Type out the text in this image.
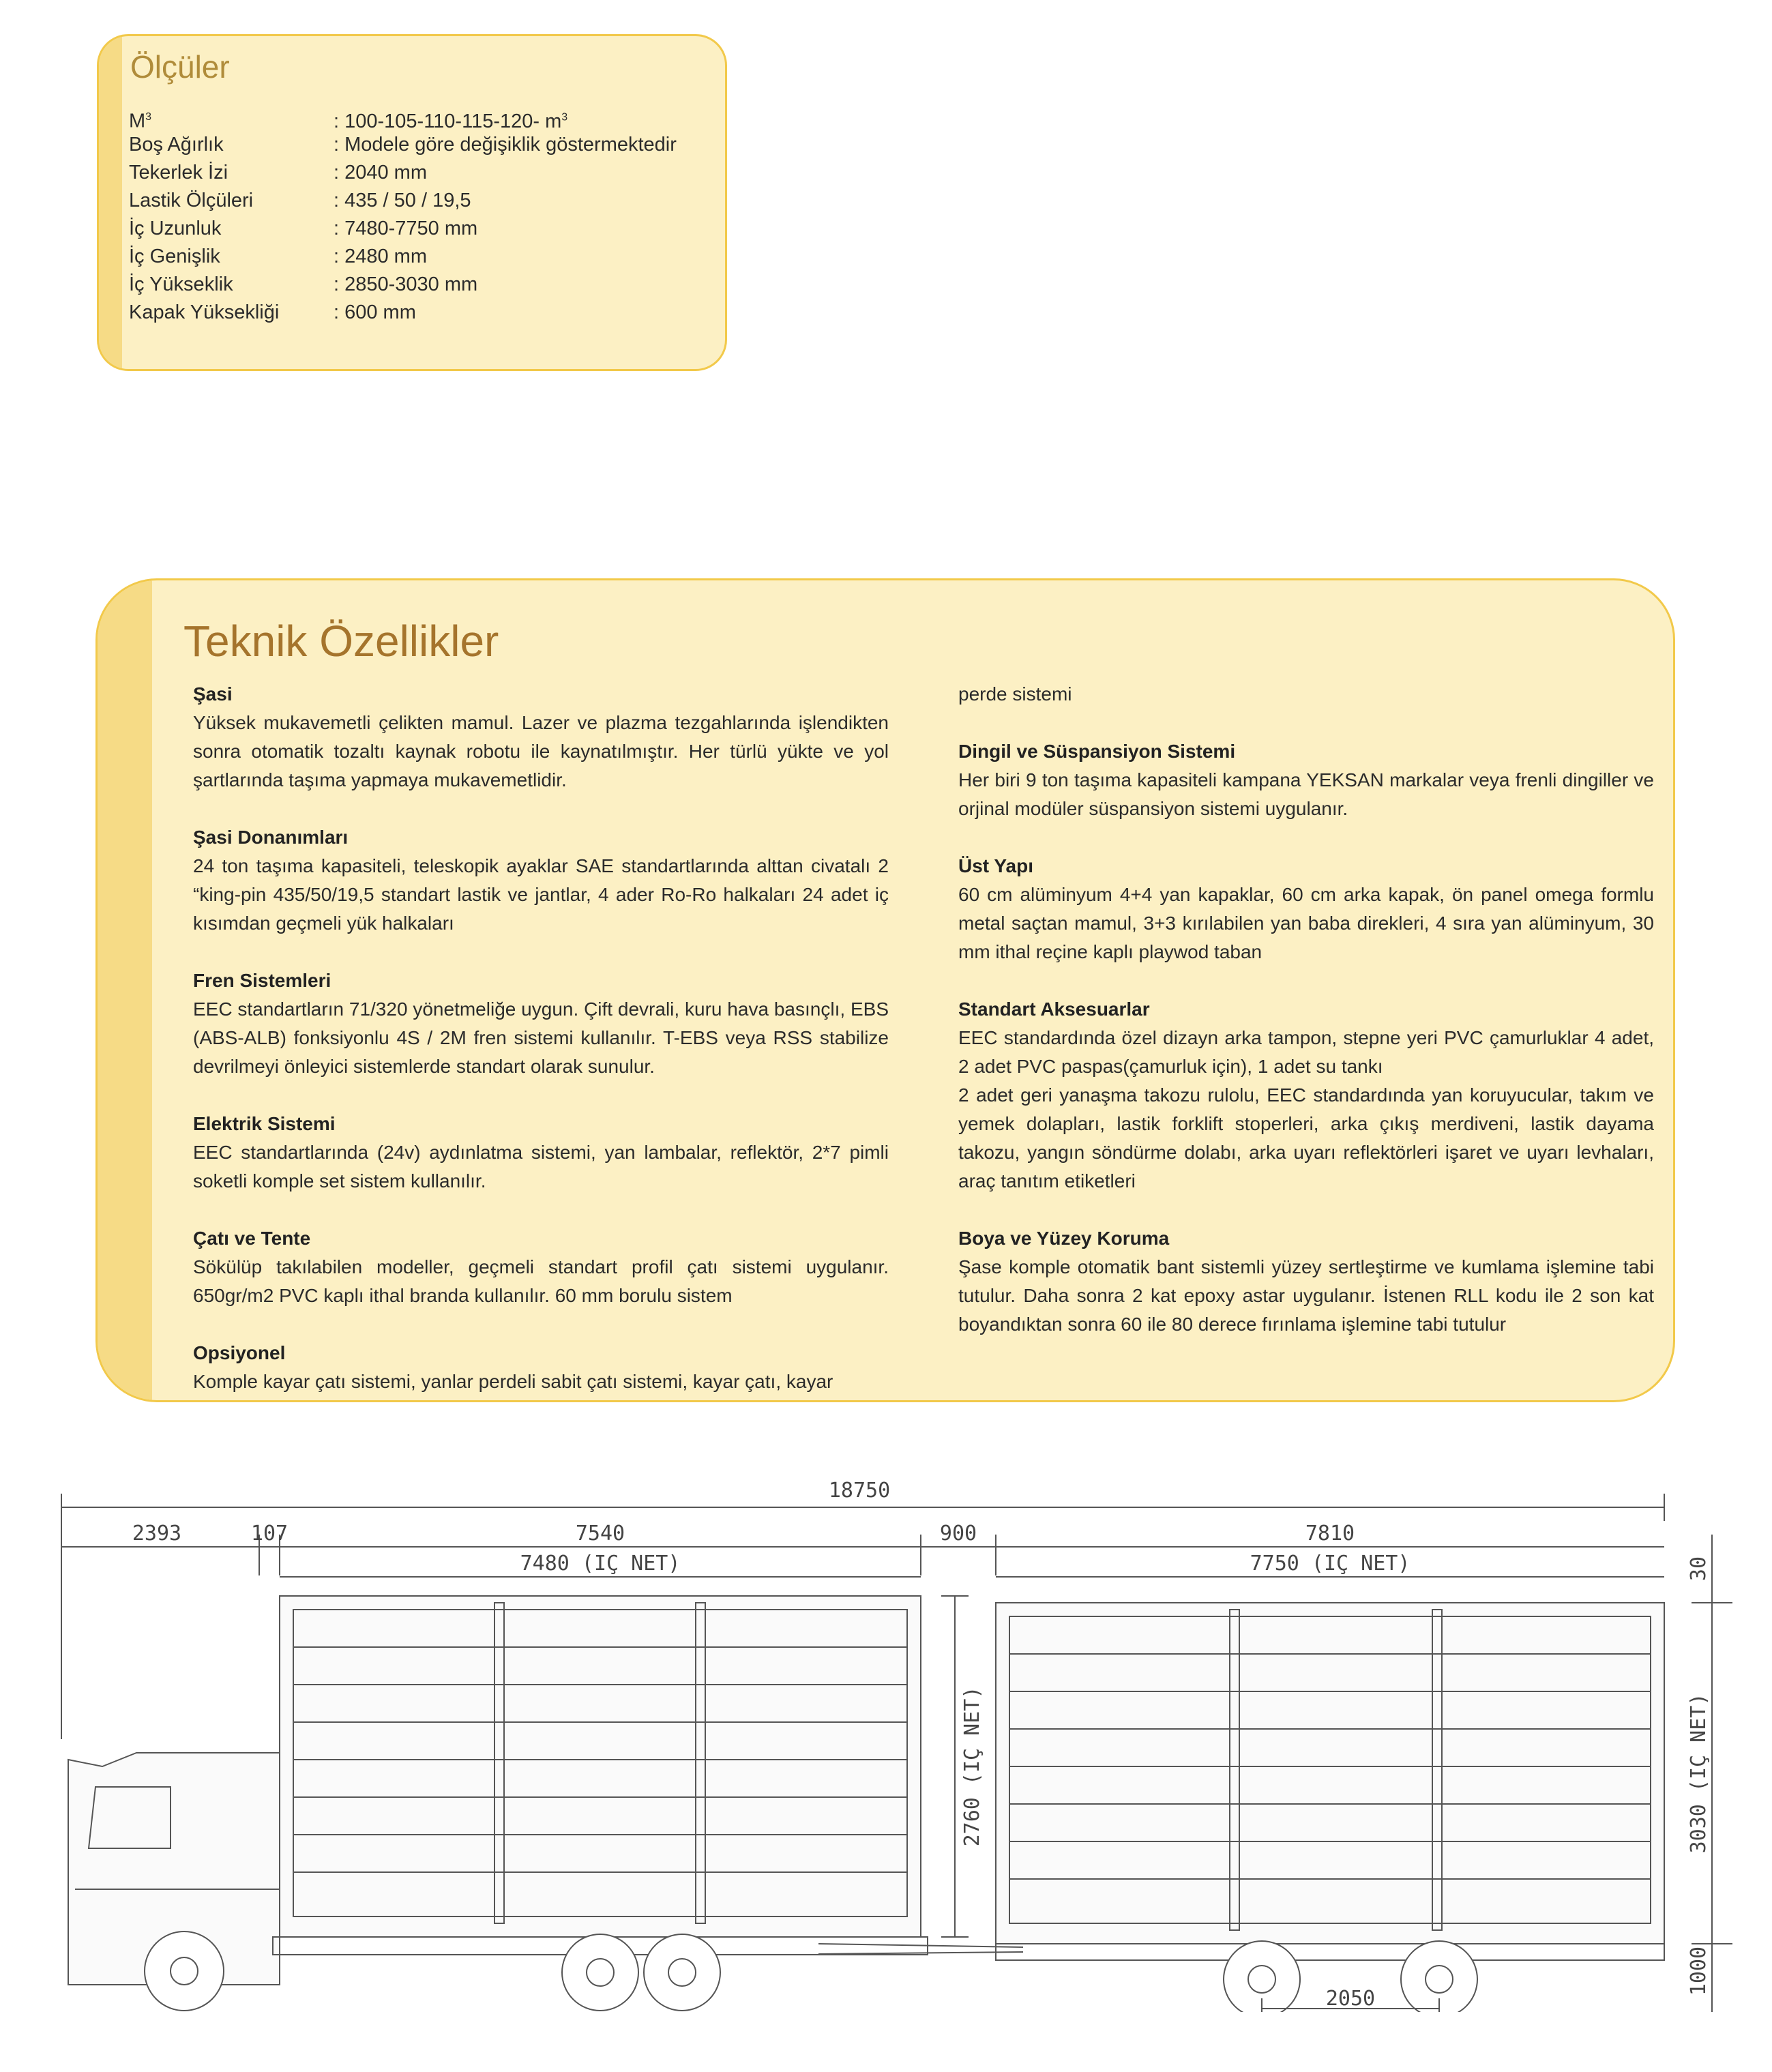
Ölçüler
$M^3$	: 100-105-110-115-120- $m^3$
Boş Ağırlık	: Modele göre değişiklik göstermektedir
Tekerlek İzi	: 2040 mm
Lastik Ölçüleri	: 435 / 50 / 19,5
İç Uzunluk	: 7480-7750 mm
İç Genişlik	: 2480 mm
İç Yükseklik	: 2850-3030 mm
Kapak Yüksekliği	: 600 mm
Teknik Özellikler
Şasi
Yüksek mukavemetli çelikten mamul. Lazer ve plazma tezgahlarında işlendikten sonra otomatik tozaltı kaynak robotu ile kaynatılmıştır. Her türlü yükte ve yol şartlarında taşıma yapmaya mukavemetlidir.
Şasi Donanımları
24 ton taşıma kapasiteli, teleskopik ayaklar SAE standartlarında alttan civatalı 2 “king-pin 435/50/19,5 standart lastik ve jantlar, 4 ader Ro-Ro halkaları 24 adet iç kısımdan geçmeli yük halkaları
Fren Sistemleri
EEC standartların 71/320 yönetmeliğe uygun. Çift devrali, kuru hava basınçlı, EBS (ABS-ALB) fonksiyonlu 4S / 2M fren sistemi kullanılır. T-EBS veya RSS stabilize devrilmeyi önleyici sistemlerde standart olarak sunulur.
Elektrik Sistemi
EEC standartlarında (24v) aydınlatma sistemi, yan lambalar, reflektör, 2*7 pimli soketli komple set sistem kullanılır.
Çatı ve Tente
Sökülüp takılabilen modeller, geçmeli standart profil çatı sistemi uygulanır. 650gr/m2 PVC kaplı ithal branda kullanılır. 60 mm borulu sistem
Opsiyonel
Komple kayar çatı sistemi, yanlar perdeli sabit çatı sistemi, kayar çatı, kayar
perde sistemi
Dingil ve Süspansiyon Sistemi
Her biri 9 ton taşıma kapasiteli kampana YEKSAN markalar veya frenli dingiller ve orjinal modüler süspansiyon sistemi uygulanır.
Üst Yapı
60 cm alüminyum 4+4 yan kapaklar, 60 cm arka kapak, ön panel omega formlu metal saçtan mamul, 3+3 kırılabilen yan baba direkleri, 4 sıra yan alüminyum, 30 mm ithal reçine kaplı playwod taban
Standart Aksesuarlar
EEC standardında özel dizayn arka tampon, stepne yeri PVC çamurluklar 4 adet, 2 adet PVC paspas(çamurluk için), 1 adet su tankı
2 adet geri yanaşma takozu rulolu, EEC standardında yan koruyucular, takım ve yemek dolapları, lastik forklift stoperleri, arka çıkış merdiveni, lastik dayama takozu, yangın söndürme dolabı, arka uyarı reflektörleri işaret ve uyarı levhaları, araç tanıtım etiketleri
Boya ve Yüzey Koruma
Şase komple otomatik bant sistemli yüzey sertleştirme ve kumlama işlemine tabi tutulur. Daha sonra 2 kat epoxy astar uygulanır. İstenen RLL kodu ile 2 son kat boyandıktan sonra 60 ile 80 derece fırınlama işlemine tabi tutulur
18750
2393	107	7540
7480 (IÇ NET)
900	7810
7750 (IÇ NET)
2050
2760 (IÇ NET)	3030 (IÇ NET)
30
1000
